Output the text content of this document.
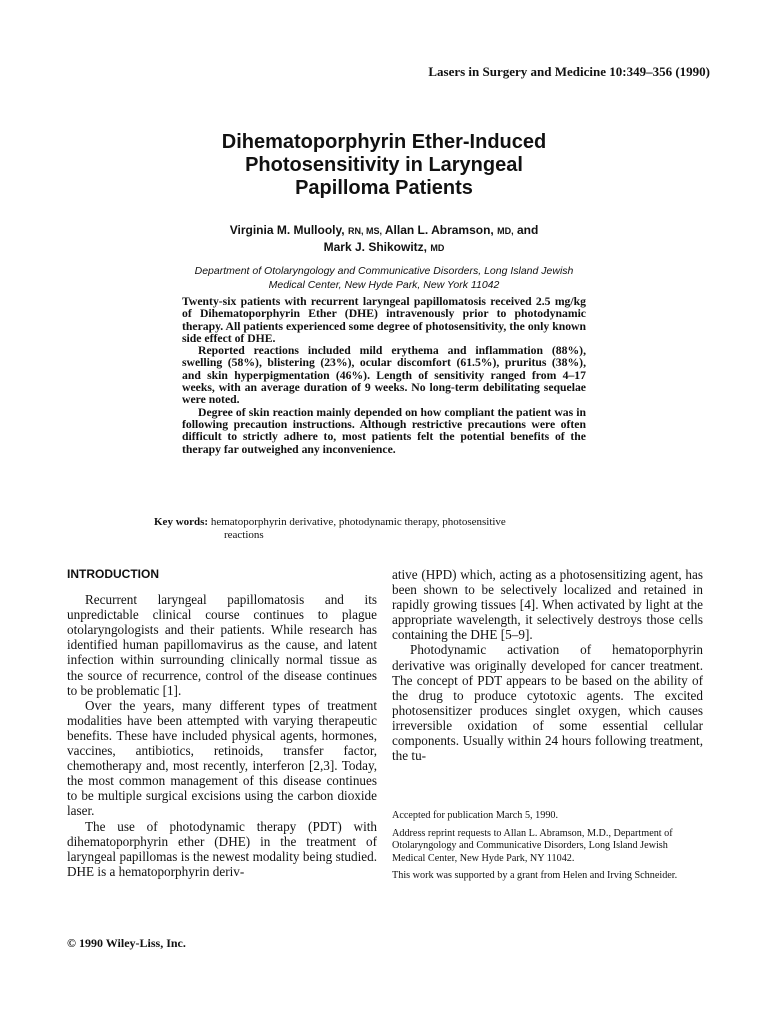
Lasers in Surgery and Medicine 10:349–356 (1990)
Dihematoporphyrin Ether-Induced
Photosensitivity in Laryngeal
Papilloma Patients
Virginia M. Mullooly, RN, MS, Allan L. Abramson, MD, and
Mark J. Shikowitz, MD
Department of Otolaryngology and Communicative Disorders, Long Island Jewish
Medical Center, New Hyde Park, New York 11042

Twenty-six patients with recurrent laryngeal papillomatosis received 2.5 mg/kg of Dihematoporphyrin Ether (DHE) intravenously prior to photodynamic therapy. All patients experienced some degree of photosensitivity, the only known side effect of DHE.

Reported reactions included mild erythema and inflammation (88%), swelling (58%), blistering (23%), ocular discomfort (61.5%), pruritus (38%), and skin hyperpigmentation (46%). Length of sensitivity ranged from 4–17 weeks, with an average duration of 9 weeks. No long-term debilitating sequelae were noted.

Degree of skin reaction mainly depended on how compliant the patient was in following precaution instructions. Although restrictive precautions were often difficult to strictly adhere to, most patients felt the potential benefits of the therapy far outweighed any inconvenience.

Key words: hematoporphyrin derivative, photodynamic therapy, photosensitive
reactions
INTRODUCTION

Recurrent laryngeal papillomatosis and its unpredictable clinical course continues to plague otolaryngologists and their patients. While research has identified human papillomavirus as the cause, and latent infection within surrounding clinically normal tissue as the source of recurrence, control of the disease continues to be problematic [1].

Over the years, many different types of treatment modalities have been attempted with varying therapeutic benefits. These have included physical agents, hormones, vaccines, antibiotics, retinoids, transfer factor, chemotherapy and, most recently, interferon [2,3]. Today, the most common management of this disease continues to be multiple surgical excisions using the carbon dioxide laser.

The use of photodynamic therapy (PDT) with dihematoporphyrin ether (DHE) in the treatment of laryngeal papillomas is the newest modality being studied. DHE is a hematoporphyrin deriv-

ative (HPD) which, acting as a photosensitizing agent, has been shown to be selectively localized and retained in rapidly growing tissues [4]. When activated by light at the appropriate wavelength, it selectively destroys those cells containing the DHE [5–9].

Photodynamic activation of hematoporphyrin derivative was originally developed for cancer treatment. The concept of PDT appears to be based on the ability of the drug to produce cytotoxic agents. The excited photosensitizer produces singlet oxygen, which causes irreversible oxidation of some essential cellular components. Usually within 24 hours following treatment, the tu-

Accepted for publication March 5, 1990.

Address reprint requests to Allan L. Abramson, M.D., Department of Otolaryngology and Communicative Disorders, Long Island Jewish Medical Center, New Hyde Park, NY 11042.

This work was supported by a grant from Helen and Irving Schneider.

© 1990 Wiley-Liss, Inc.
